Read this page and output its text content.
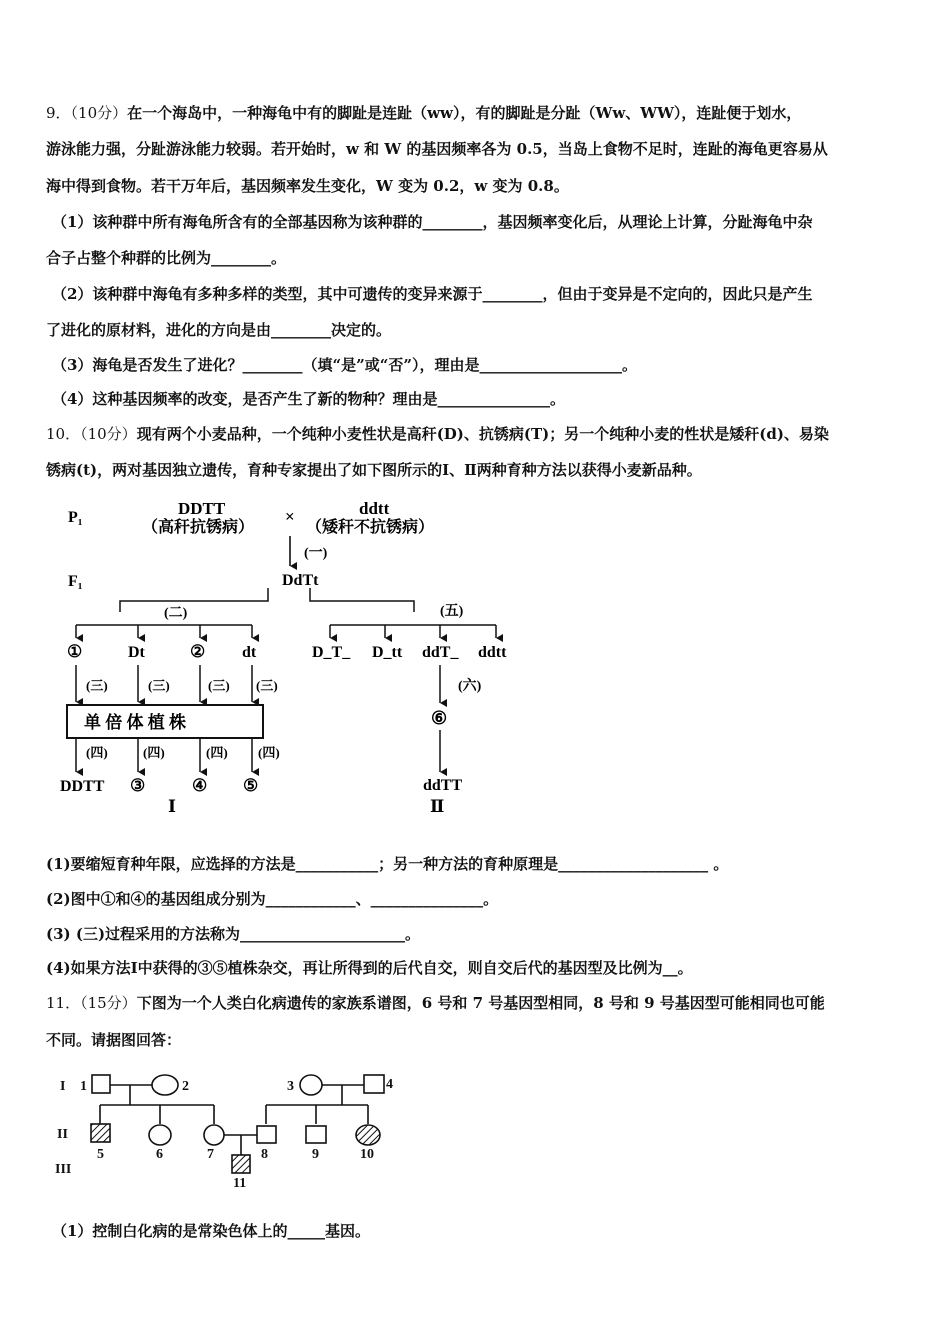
9．（10分）在一个海岛中，一种海龟中有的脚趾是连趾（ww），有的脚趾是分趾（Ww、WW），连趾便于划水，
游泳能力强，分趾游泳能力较弱。若开始时，w 和 W 的基因频率各为 0.5，当岛上食物不足时，连趾的海龟更容易从
海中得到食物。若干万年后，基因频率发生变化，W 变为 0.2，w 变为 0.8。
（1）该种群中所有海龟所含有的全部基因称为该种群的________，基因频率变化后，从理论上计算，分趾海龟中杂
合子占整个种群的比例为________。
（2）该种群中海龟有多种多样的类型，其中可遗传的变异来源于________，但由于变异是不定向的，因此只是产生
了进化的原材料，进化的方向是由________决定的。
（3）海龟是否发生了进化？________（填“是”或“否”），理由是___________________。
（4）这种基因频率的改变，是否产生了新的物种？理由是_______________。
10．（10分）现有两个小麦品种，一个纯种小麦性状是高秆(D)、抗锈病(T)；另一个纯种小麦的性状是矮秆(d)、易染
锈病(t)，两对基因独立遗传，育种专家提出了如下图所示的Ⅰ、Ⅱ两种育种方法以获得小麦新品种。
P₁
F₁
DDTT
（高秆抗锈病）
×	ddtt
（矮秆不抗锈病）
(一)
DdTt
(二)
①	Dt	② dt
(三)	(三)	(三) (三)
单 倍 体 植 株
(四)	(四)	(四) (四)
DDTT ③	④ ⑤
Ⅰ
(五)
D_T_ D_tt ddT_ ddtt
(六)
⑥
ddTT
Ⅱ
(1)要缩短育种年限，应选择的方法是___________；另一种方法的育种原理是____________________ 。
(2)图中①和④的基因组成分别为____________、_______________。
(3) (三)过程采用的方法称为______________________。
(4)如果方法Ⅰ中获得的③⑤植株杂交，再让所得到的后代自交，则自交后代的基因型及比例为__。
11．（15分）下图为一个人类白化病遗传的家族系谱图，6 号和 7 号基因型相同，8 号和 9 号基因型可能相同也可能
不同。请据图回答：
I
II
III
1	2	3	4
5	6	7	8	9	10
11
（1）控制白化病的是常染色体上的_____基因。
